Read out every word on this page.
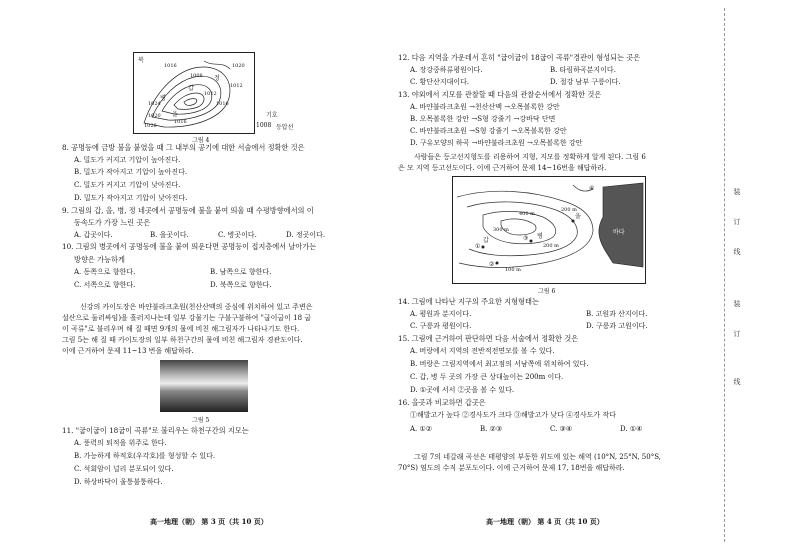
북
1016	1020
1012
1012
1016
1020
1008
1024
1028
1016
갑
정
을
병
기호
1008 등압선
그림 4
8. 공명등에 금방 불을 붙였을 때 그 내부의 공기에 대한 서술에서 정확한 것은
A. 밀도가 커지고 기압이 높아진다.
B. 밀도가 작아지고 기압이 높아진다.
C. 밀도가 커지고 기압이 낮아진다.
D. 밀도가 작아지고 기압이 낮아진다.
9. 그림의 갑, 을, 병, 정 네곳에서 공명등에 불을 붙여 띄울 때 수평방향에서의 이
동속도가 가장 느린 곳은
A. 갑곳이다.	B. 을곳이다.	C. 병곳이다.	D. 정곳이다.
10. 그림의 병곳에서 공명등에 불을 붙여 띄운다면 공명등이 접지층에서 날아가는
방향은 가능하게
A. 동쪽으로 향한다.	B. 남쪽으로 향한다.
C. 서쪽으로 향한다.	D. 북쪽으로 향한다.
신강의 카이도장은 바얀불라크초원(천산산맥의 중심에 위치하여 있고 주변은
설산으로 둘러싸임)을 흘러지나는데 일부 강물기는 구불구불하여 "굽이굽이 18 굽
이 곡류"로 불리우며 해 질 때면 9개의 물에 비친 해그림자가 나타나기도 한다.
그림 5는 해 질 때 카이도장의 일부 하천구간의 물에 비친 해그림자 경관도이다.
이에 근거하여 문제 11~13 번을 해답하라.
그림 5
11. "굽이굽이 18굽이 곡류"로 불리우는 하천구간의 지모는
A. 풍력의 퇴적을 위주로 한다.
B. 가능하게 하적호(우각호)를 형성할 수 있다.
C. 석회암이 널리 분포되어 있다.
D. 하상바닥이 울퉁불퉁하다.
高一地理（朝） 第 3 页（共 10 页）
12. 다음 지역을 가운데서 흔히 "굽이굽이 18굽이 곡류"경관이 형성되는 곳은
A. 장강중하류평원이다.	B. 타림하곡분지이다.
C. 황단산지대이다.	D. 절강 남부 구릉이다.
13. 야외에서 지모를 관찰할 때 다음의 관찰순서에서 정확한 것은
A. 바얀불라크초원 →천산산맥 →오목볼록한 강안
B. 오목볼록한 강안 →S형 강줄기 →강바닥 단면
C. 바얀불라크초원 →S형 강줄기 →오목볼록한 강안
D. 구유모양의 하곡 →바얀불라크초원 →오목볼록한 강안
사람들은 등고선지형도를 리용하여 지형, 지모를 정확하게 알게 된다. 그림 6
은 모 지역 등고선도이다. 이에 근거하여 문제 14~16번을 해답하라.
200 m
400 m
300 m
200 m
100 m
갑
을
병
바다
①
②
③
④
그림 6
14. 그림에 나타난 지구의 주요한 지형형태는
A. 평원과 분지이다.	B. 고원과 산지이다.
C. 구릉과 평원이다.	D. 구릉과 고원이다.
15. 그림에 근거하여 판단하면 다음 서술에서 정확한 것은
A. 버랑에서 지역의 전반적전면모를 볼 수 있다.
B. 버랑은 그림지역에서 최고점의 서남쪽에 위치하여 있다.
C. 갑, 병 두 곳의 가장 큰 상대높이는 200m 이다.
D. ①곳에 서서 ②곳을 볼 수 있다.
16. 을곳과 비교하면 갑곳은
①해발고가 높다 ②경사도가 크다 ③해발고가 낮다 ④경사도가 작다
A. ①②	B. ②③	C. ③④	D. ①④
그림 7의 네갈래 곡선은 태평양의 부동한 위도에 있는 해역 (10°N, 25°N, 50°S,
70°S) 염도의 수직 분포도이다. 이에 근거하여 문제 17, 18번을 해답하라.
高一地理（朝） 第 4 页（共 10 页）
装
订
线
装
订
线
